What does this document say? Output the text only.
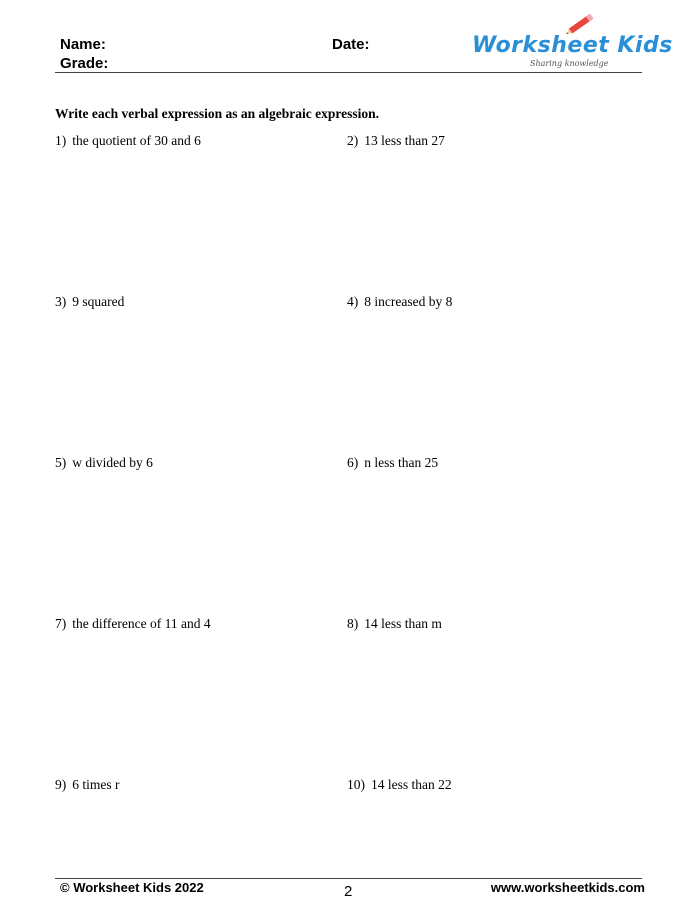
Name:
Grade:
Date:	Worksheet Kids
Sharing knowledge
Write each verbal expression as an algebraic expression.
1) the quotient of 30 and 6	2) 13 less than 27
3) 9 squared	4) 8 increased by 8
5) w divided by 6	6) n less than 25
7) the difference of 11 and 4	8) 14 less than m
9) 6 times r	10) 14 less than 22
© Worksheet Kids 2022	2	www.worksheetkids.com
